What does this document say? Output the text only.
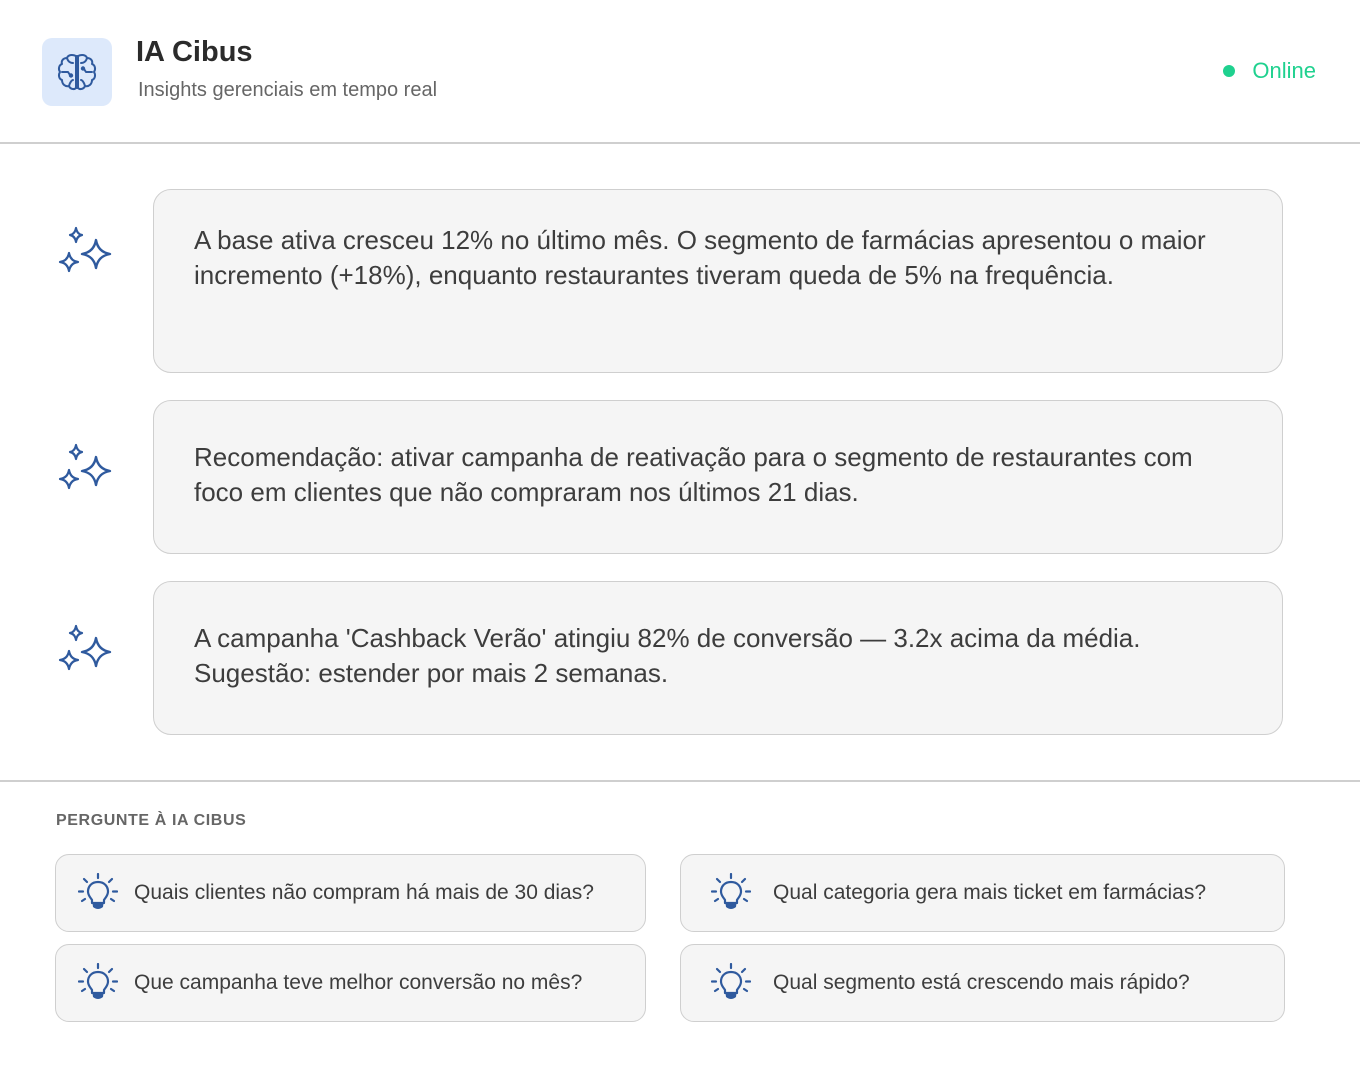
IA Cibus
Insights gerenciais em tempo real
Online
A base ativa cresceu 12% no último mês. O segmento de farmácias apresentou o maior incremento (+18%), enquanto restaurantes tiveram queda de 5% na frequência.
Recomendação: ativar campanha de reativação para o segmento de restaurantes com foco em clientes que não compraram nos últimos 21 dias.
A campanha 'Cashback Verão' atingiu 82% de conversão — 3.2x acima da média. Sugestão: estender por mais 2 semanas.
PERGUNTE À IA CIBUS
Quais clientes não compram há mais de 30 dias?	Qual categoria gera mais ticket em farmácias?
Que campanha teve melhor conversão no mês?	Qual segmento está crescendo mais rápido?
